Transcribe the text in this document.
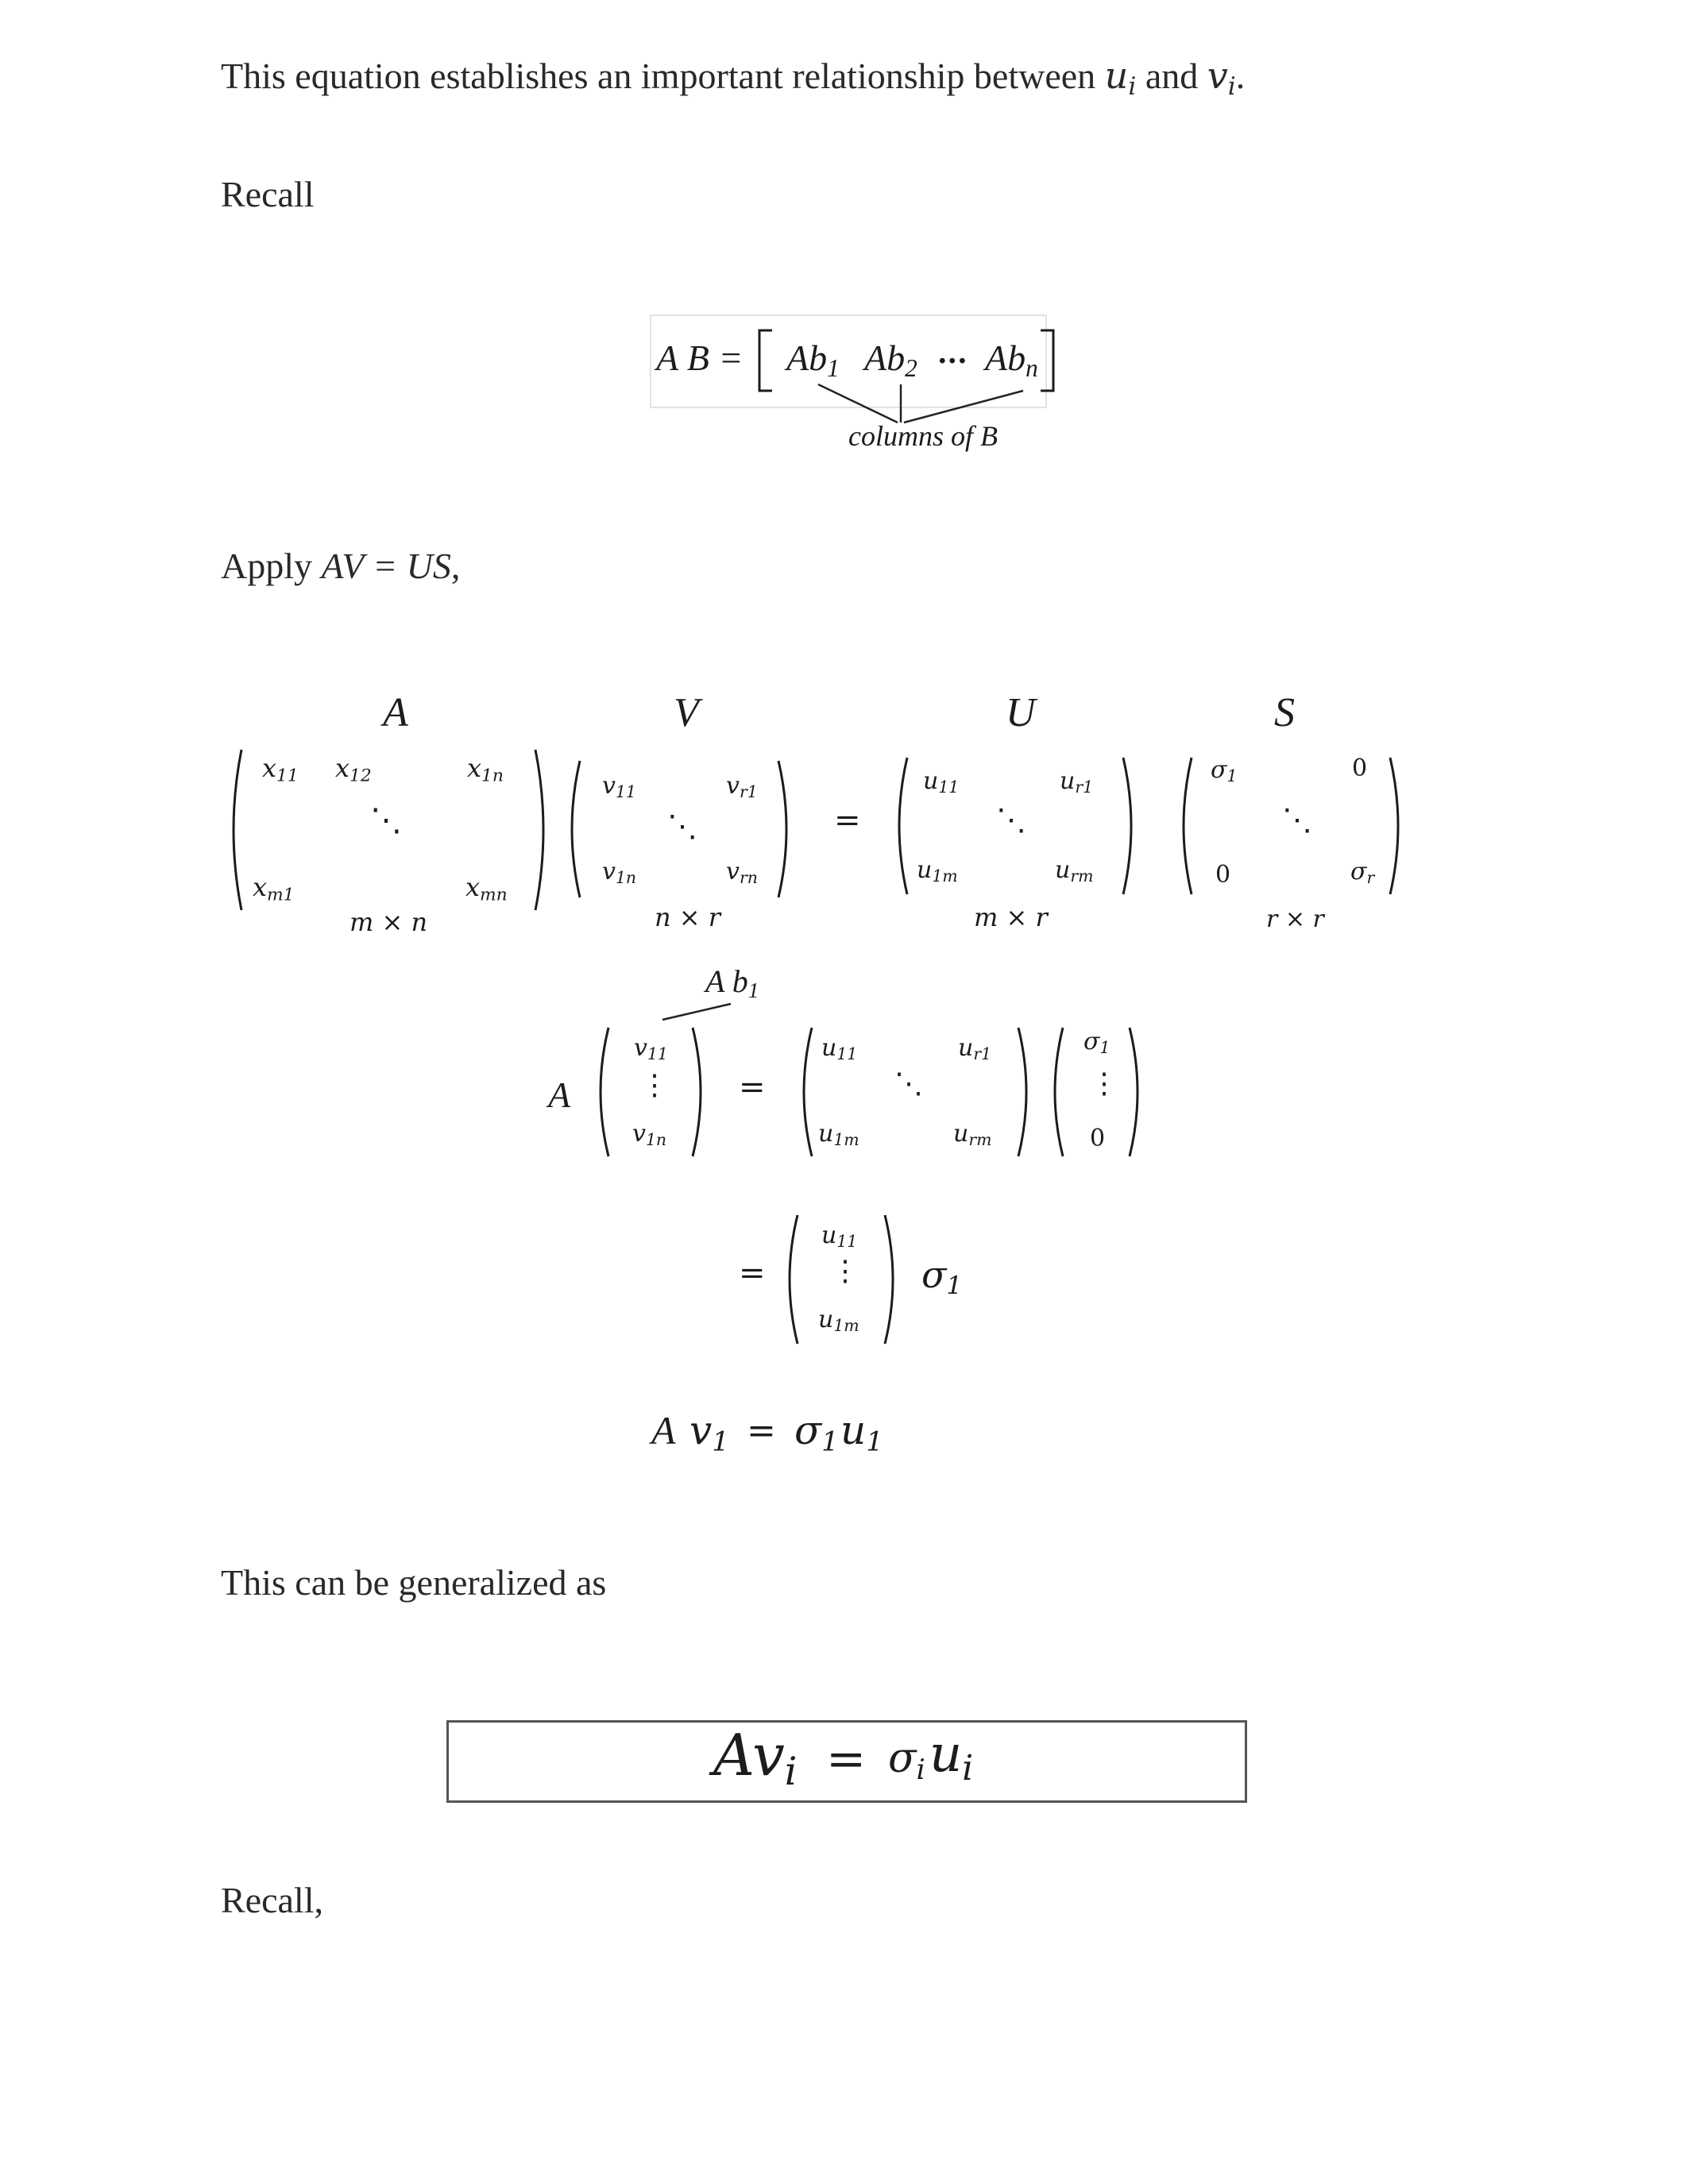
This equation establishes an important relationship between $u_i$ and $v_i$.
Recall
A $B = Ab_1$ $Ab_2$ ... $Ab_n$
columns of B
Apply AV = US,
A	V	U	S
$x_{11}$ $x_{12}$	$x_{1n}$
⋱
$x_{m1}$	$x_{mn}$
m × n
$v_{11}$	$v_{r1}$
⋱
$v_{1n}$	$v_{rn}$
n × r
=
$u_{11}$	$u_{r1}$
⋱
$u_{1m}$	$u_{rm}$
m × r
$\sigma_1$	0
⋱
0	$\sigma_r$
r × r
A $b_1$
A
$v_{11}$
⋮
$v_{1n}$
=
$u_{11}$	$u_{r1}$
⋱
$u_{1m}$	$u_{rm}$
$\sigma_1$
⋮
0
=
$u_{11}$
⋮
$u_{1m}$
$\sigma_1$
A $v_1 = \sigma_1$ $u_1$
This can be generalized as
$Av_i = \sigma_i$ $u_i$
Recall,
